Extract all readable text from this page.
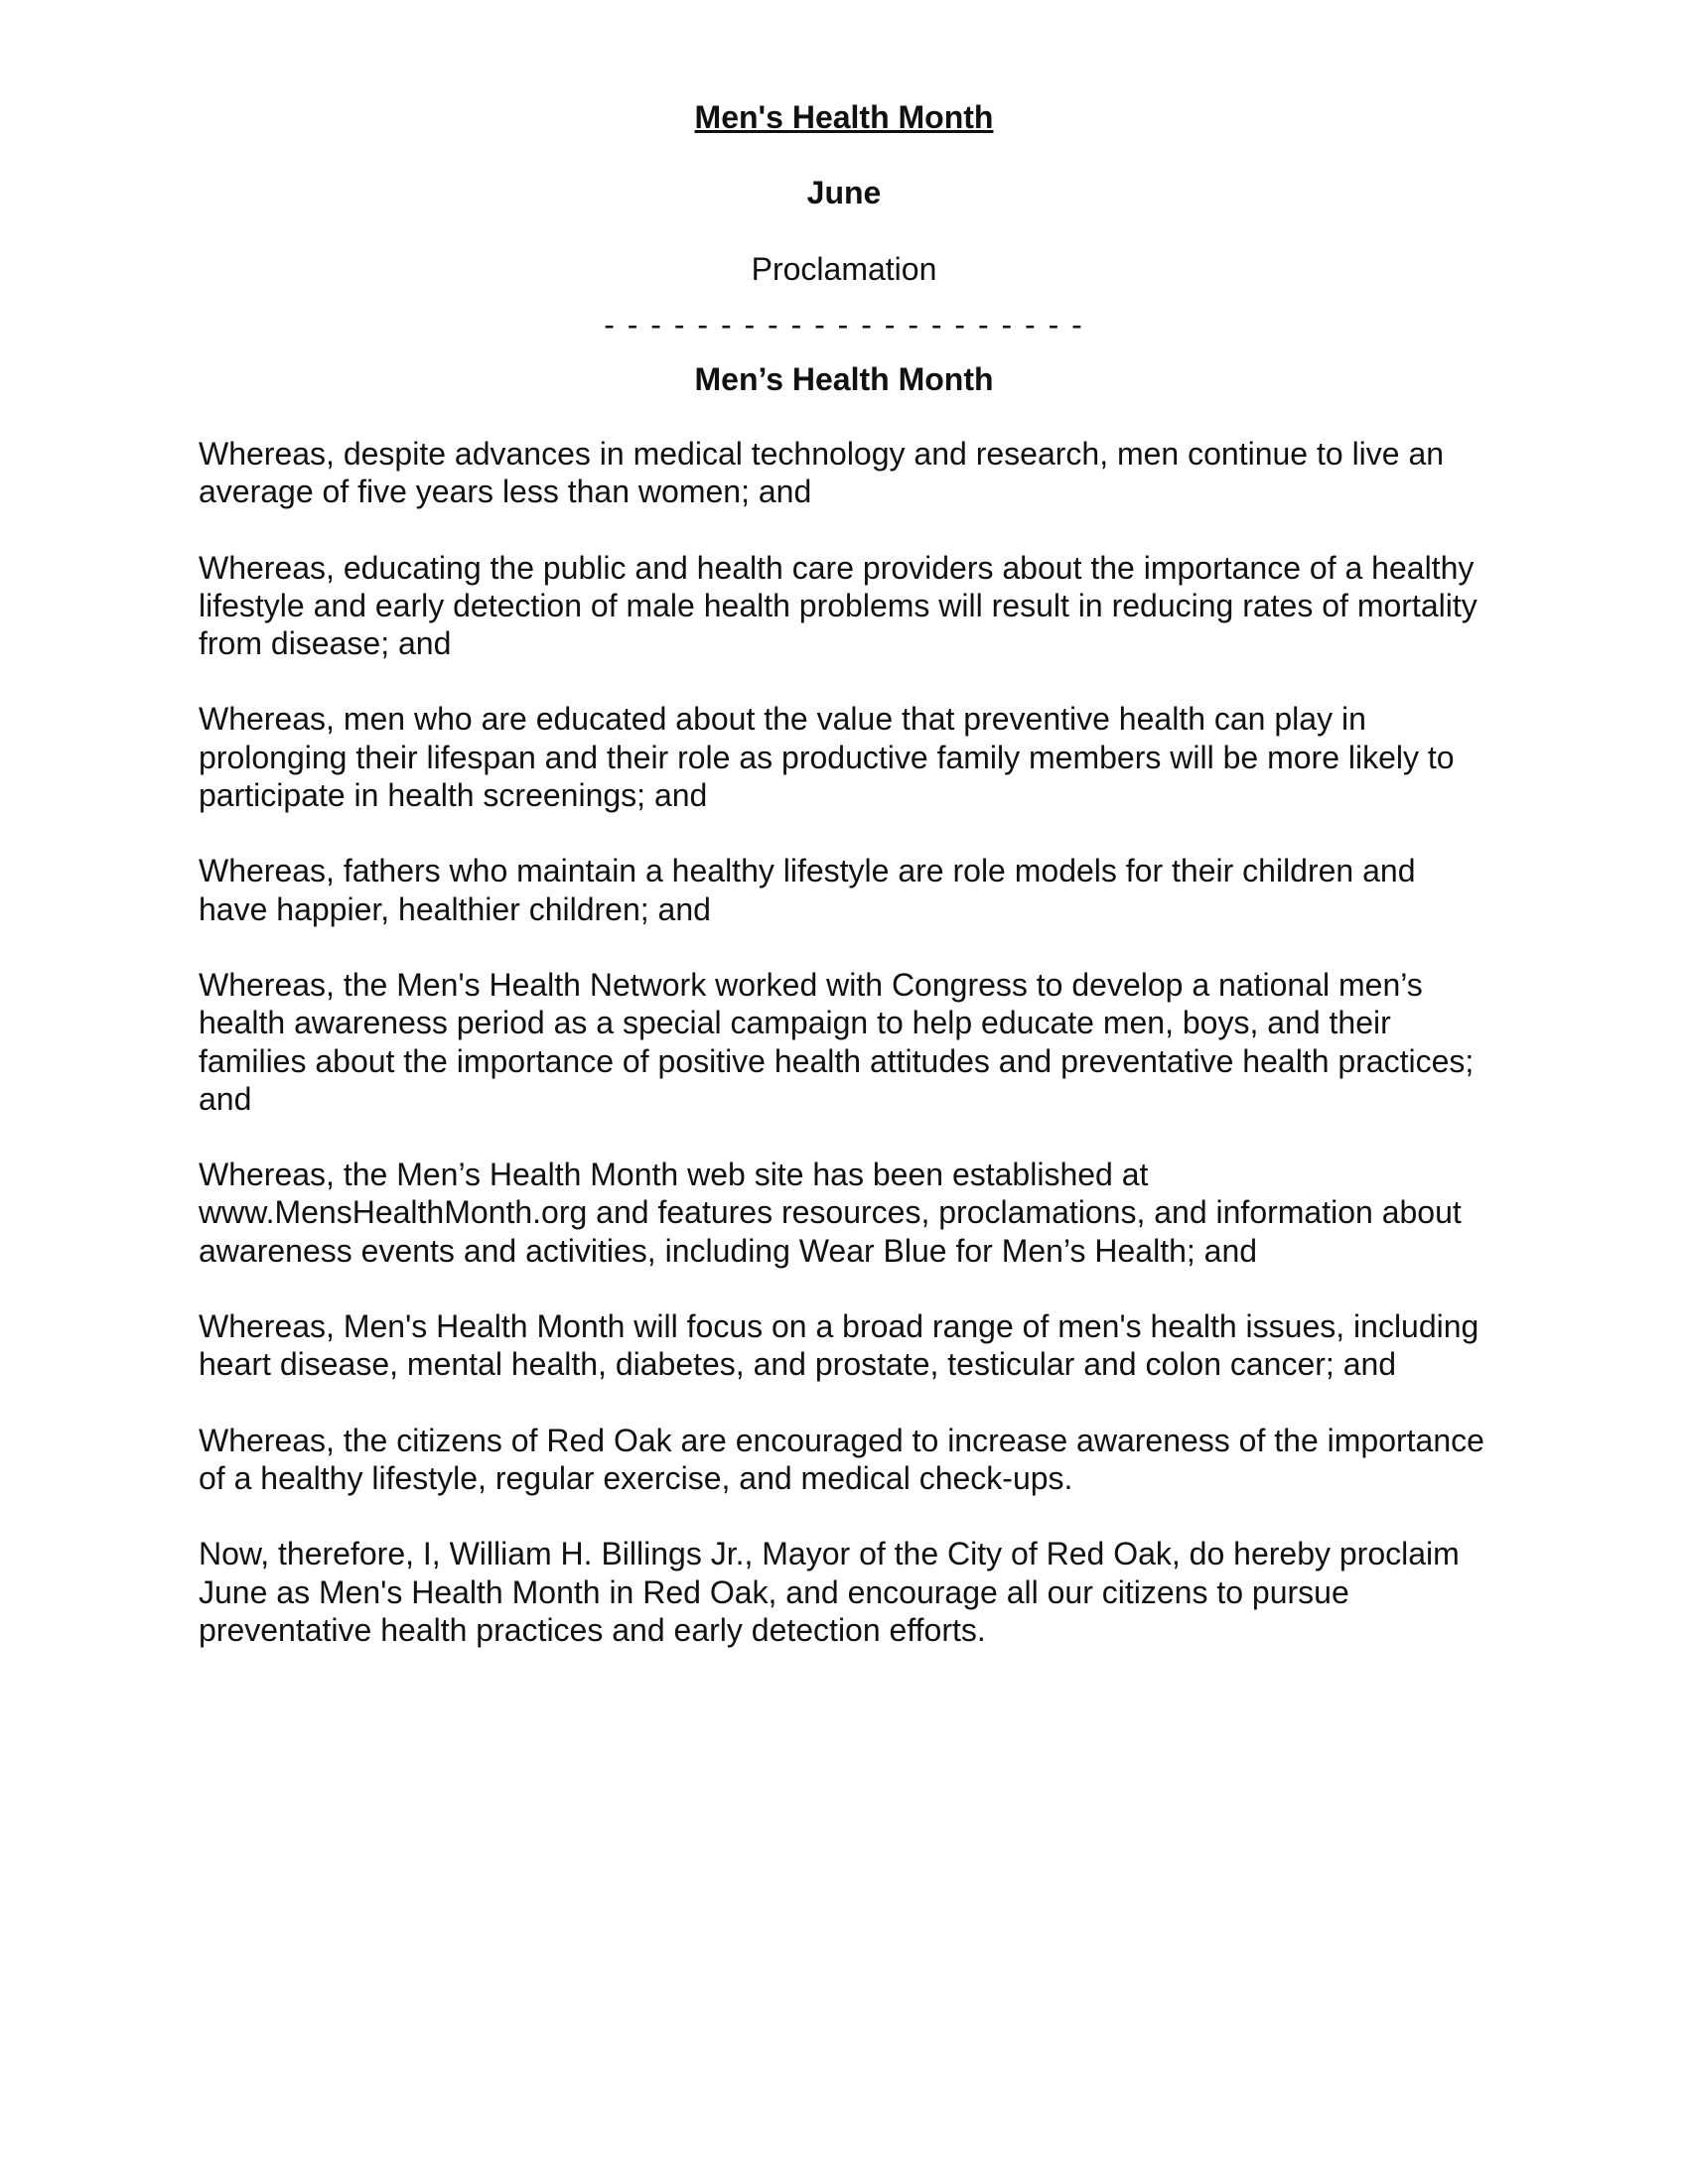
Men's Health Month
June
Proclamation
- - - - - - - - - - - - - - - - - - - - -
Men’s Health Month

Whereas, despite advances in medical technology and research, men continue to live an average of five years less than women; and

Whereas, educating the public and health care providers about the importance of a healthy lifestyle and early detection of male health problems will result in reducing rates of mortality from disease; and

Whereas, men who are educated about the value that preventive health can play in prolonging their lifespan and their role as productive family members will be more likely to participate in health screenings; and

Whereas, fathers who maintain a healthy lifestyle are role models for their children and have happier, healthier children; and

Whereas, the Men's Health Network worked with Congress to develop a national men’s health awareness period as a special campaign to help educate men, boys, and their families about the importance of positive health attitudes and preventative health practices; and

Whereas, the Men’s Health Month web site has been established at www.MensHealthMonth.org and features resources, proclamations, and information about awareness events and activities, including Wear Blue for Men’s Health; and

Whereas, Men's Health Month will focus on a broad range of men's health issues, including heart disease, mental health, diabetes, and prostate, testicular and colon cancer; and

Whereas, the citizens of Red Oak are encouraged to increase awareness of the importance of a healthy lifestyle, regular exercise, and medical check-ups.

Now, therefore, I, William H. Billings Jr., Mayor of the City of Red Oak, do hereby proclaim June as Men's Health Month in Red Oak, and encourage all our citizens to pursue preventative health practices and early detection efforts.
